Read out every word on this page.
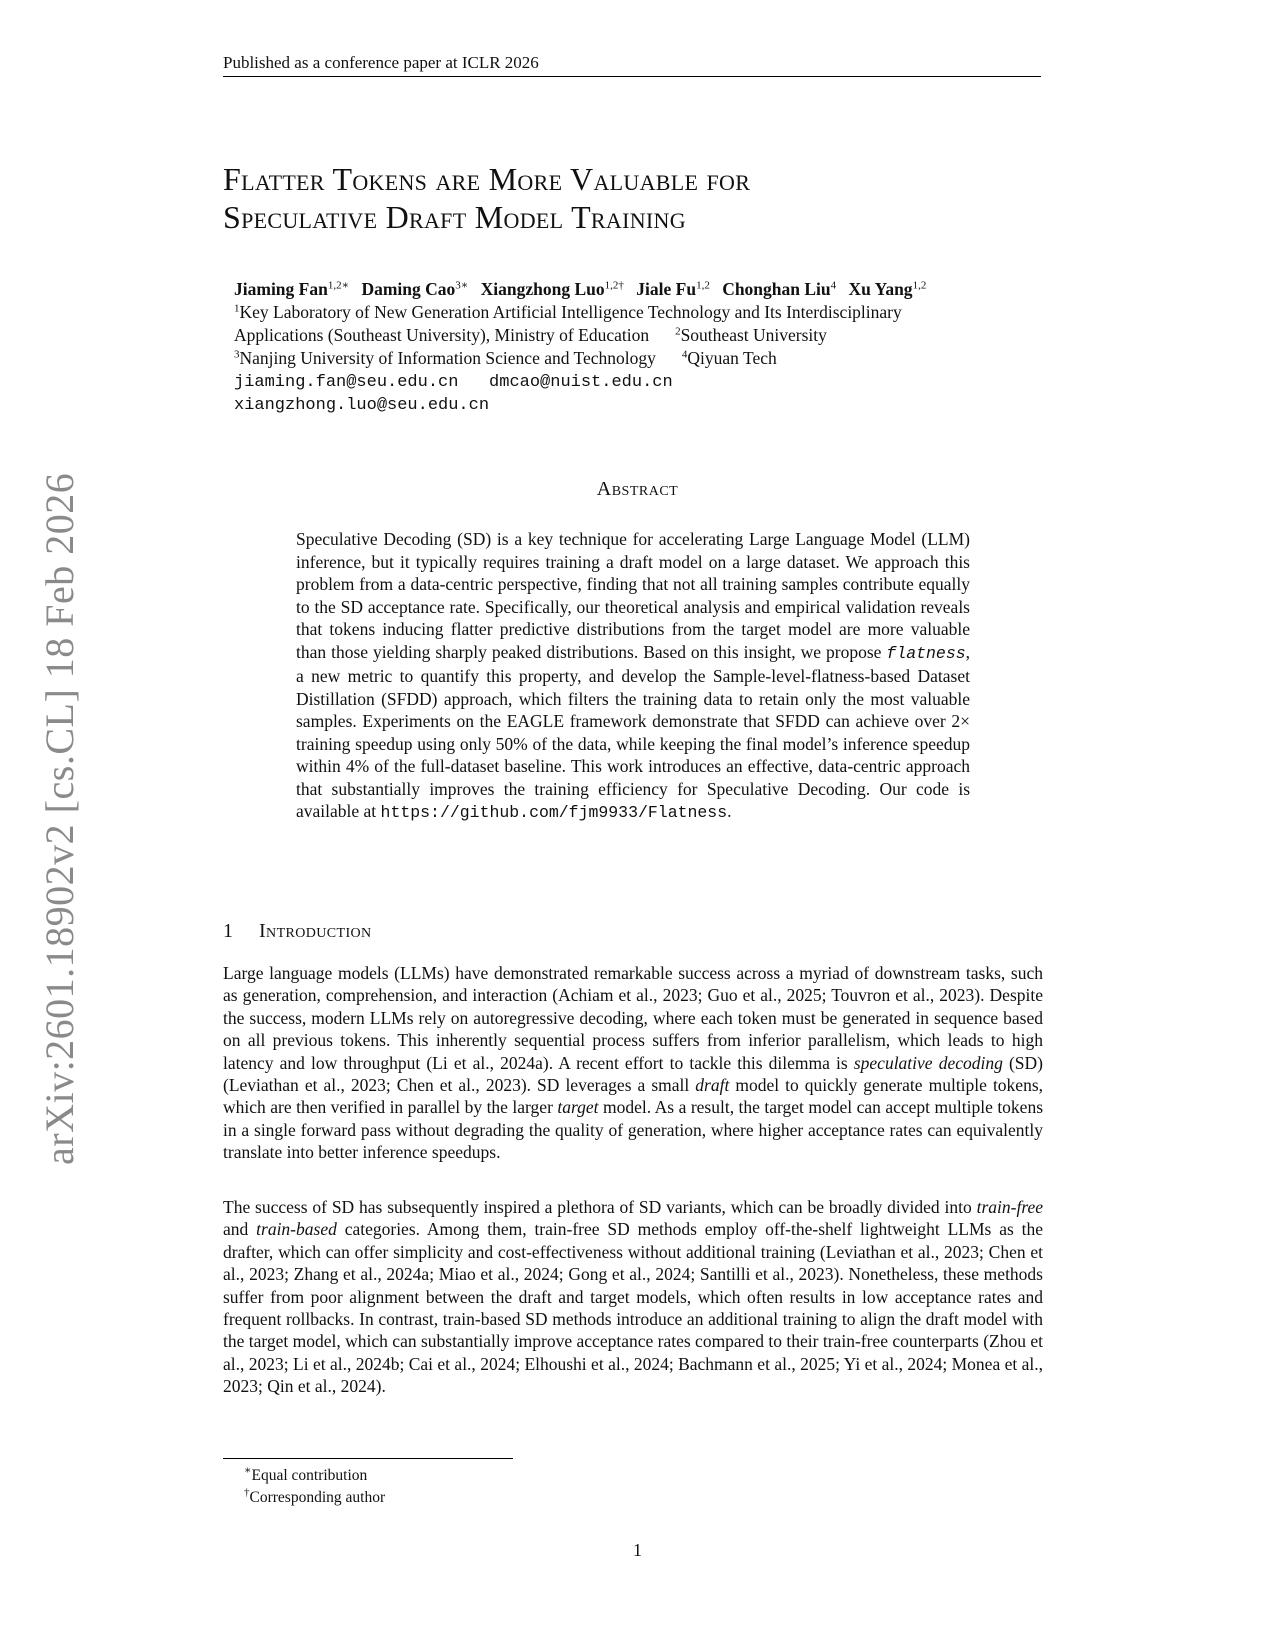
arXiv:2601.18902v2 [cs.CL] 18 Feb 2026
Published as a conference paper at ICLR 2026
Flatter Tokens are More Valuable for
Speculative Draft Model Training
Jiaming Fan$^{1,2∗}$ Daming Cao$^{3∗}$ Xiangzhong Luo$^{1,2\dagger}$ Jiale Fu$^{1,2}$ Chonghan Liu$^4$ Xu Yang$^{1,2}$
$^1$Key Laboratory of New Generation Artificial Intelligence Technology and Its Interdisciplinary
Applications (Southeast University), Ministry of Education $^2$Southeast University
$^3$Nanjing University of Information Science and Technology $^4$Qiyuan Tech
jiaming.fan@seu.edu.cn   dmcao@nuist.edu.cn
xiangzhong.luo@seu.edu.cn
Abstract
Speculative Decoding (SD) is a key technique for accelerating Large Language Model (LLM) inference, but it typically requires training a draft model on a large dataset. We approach this problem from a data-centric perspective, finding that not all training samples contribute equally to the SD acceptance rate. Specifically, our theoretical analysis and empirical validation reveals that tokens inducing flatter predictive distributions from the target model are more valuable than those yielding sharply peaked distributions. Based on this insight, we propose flatness, a new metric to quantify this property, and develop the Sample-level-flatness-based Dataset Distillation (SFDD) approach, which filters the training data to retain only the most valuable samples. Experiments on the EAGLE framework demonstrate that SFDD can achieve over 2× training speedup using only 50% of the data, while keeping the final model’s inference speedup within 4% of the full-dataset baseline. This work introduces an effective, data-centric approach that substantially improves the training efficiency for Speculative Decoding. Our code is available at https://github.com/fjm9933/Flatness.
1 Introduction
Large language models (LLMs) have demonstrated remarkable success across a myriad of downstream tasks, such as generation, comprehension, and interaction (Achiam et al., 2023; Guo et al., 2025; Touvron et al., 2023). Despite the success, modern LLMs rely on autoregressive decoding, where each token must be generated in sequence based on all previous tokens. This inherently sequential process suffers from inferior parallelism, which leads to high latency and low throughput (Li et al., 2024a). A recent effort to tackle this dilemma is speculative decoding (SD) (Leviathan et al., 2023; Chen et al., 2023). SD leverages a small draft model to quickly generate multiple tokens, which are then verified in parallel by the larger target model. As a result, the target model can accept multiple tokens in a single forward pass without degrading the quality of generation, where higher acceptance rates can equivalently translate into better inference speedups.
The success of SD has subsequently inspired a plethora of SD variants, which can be broadly divided into train-free and train-based categories. Among them, train-free SD methods employ off-the-shelf lightweight LLMs as the drafter, which can offer simplicity and cost-effectiveness without additional training (Leviathan et al., 2023; Chen et al., 2023; Zhang et al., 2024a; Miao et al., 2024; Gong et al., 2024; Santilli et al., 2023). Nonetheless, these methods suffer from poor alignment between the draft and target models, which often results in low acceptance rates and frequent rollbacks. In contrast, train-based SD methods introduce an additional training to align the draft model with the target model, which can substantially improve acceptance rates compared to their train-free counterparts (Zhou et al., 2023; Li et al., 2024b; Cai et al., 2024; Elhoushi et al., 2024; Bachmann et al., 2025; Yi et al., 2024; Monea et al., 2023; Qin et al., 2024).
∗Equal contribution
†Corresponding author
1
